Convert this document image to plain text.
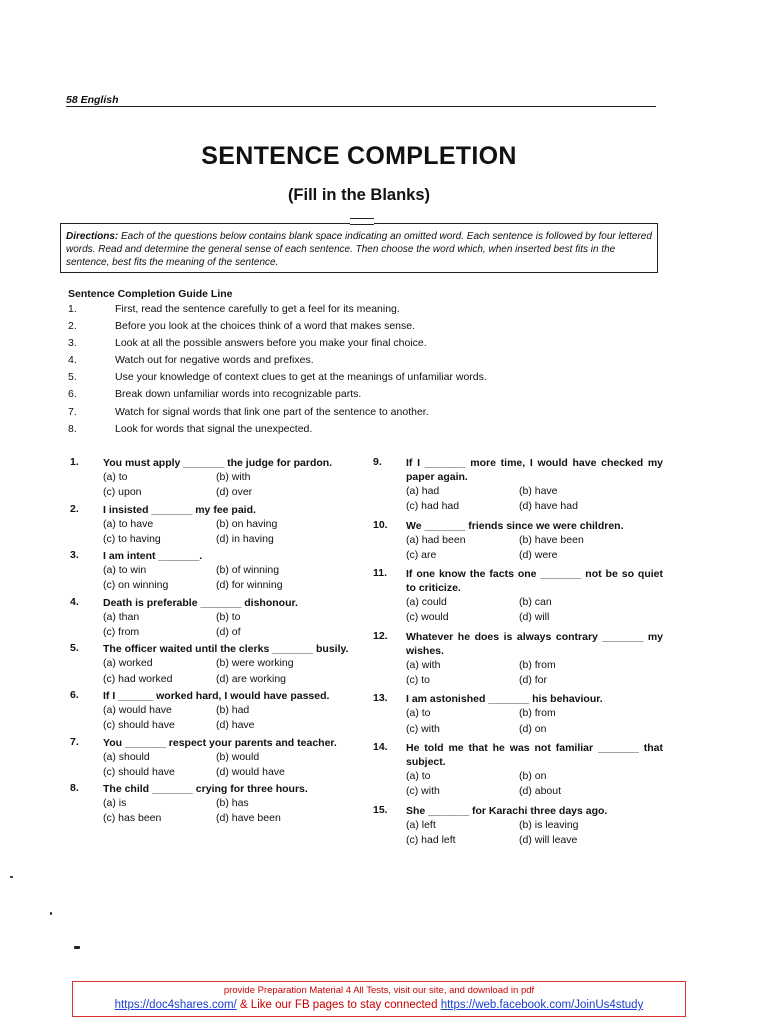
58 English
SENTENCE COMPLETION
(Fill in the Blanks)
Directions: Each of the questions below contains blank space indicating an omitted word. Each sentence is followed by four lettered words. Read and determine the general sense of each sentence. Then choose the word which, when inserted best fits in the sentence, best fits the meaning of the sentence.
Sentence Completion Guide Line
1.	First, read the sentence carefully to get a feel for its meaning.
2.	Before you look at the choices think of a word that makes sense.
3.	Look at all the possible answers before you make your final choice.
4.	Watch out for negative words and prefixes.
5.	Use your knowledge of context clues to get at the meanings of unfamiliar words.
6.	Break down unfamiliar words into recognizable parts.
7.	Watch for signal words that link one part of the sentence to another.
8.	Look for words that signal the unexpected.
1.	You must apply _______ the judge for pardon.
(a) to	(b) with
(c) upon	(d) over
2.	I insisted _______ my fee paid.
(a) to have	(b) on having
(c) to having	(d) in having
3.	I am intent _______.
(a) to win	(b) of winning
(c) on winning	(d) for winning
4.	Death is preferable _______ dishonour.
(a) than	(b) to
(c) from	(d) of
5.	The officer waited until the clerks _______ busily.
(a) worked	(b) were working
(c) had worked	(d) are working
6.	If I ______ worked hard, I would have passed.
(a) would have	(b) had
(c) should have	(d) have
7.	You _______ respect your parents and teacher.
(a) should	(b) would
(c) should have	(d) would have
8.	The child _______ crying for three hours.
(a) is	(b) has
(c) has been	(d) have been
9.	If I _______ more time, I would have checked my paper again.
(a) had	(b) have
(c) had had	(d) have had
10.	We _______ friends since we were children.
(a) had been	(b) have been
(c) are	(d) were
11.	If one know the facts one _______ not be so quiet to criticize.
(a) could	(b) can
(c) would	(d) will
12.	Whatever he does is always contrary _______ my wishes.
(a) with	(b) from
(c) to	(d) for
13.	I am astonished _______ his behaviour.
(a) to	(b) from
(c) with	(d) on
14.	He told me that he was not familiar _______ that subject.
(a) to	(b) on
(c) with	(d) about
15.	She _______ for Karachi three days ago.
(a) left	(b) is leaving
(c) had left	(d) will leave
provide Preparation Material 4 All Tests, visit our site, and download in pdf
https://doc4shares.com/ & Like our FB pages to stay connected https://web.facebook.com/JoinUs4study
